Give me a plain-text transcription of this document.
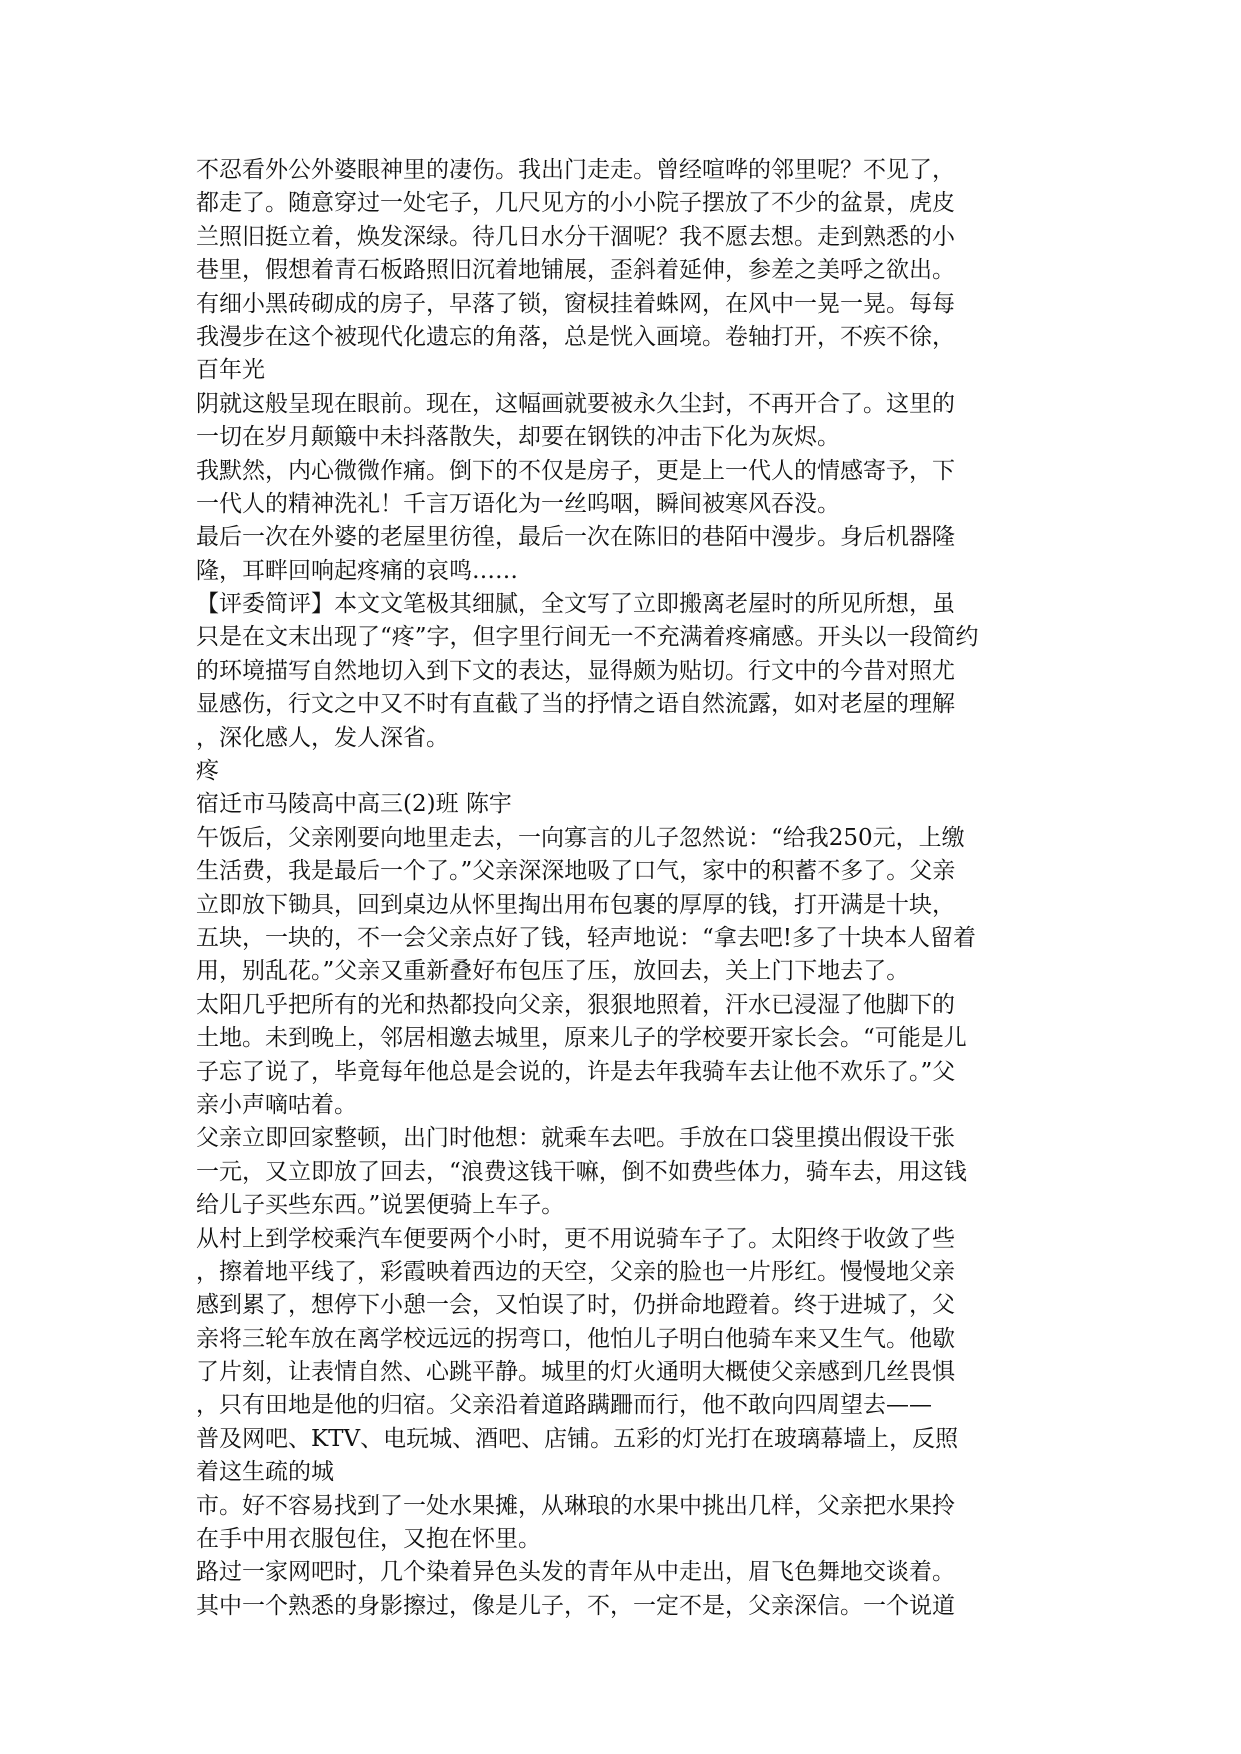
不忍看外公外婆眼神里的凄伤。我出门走走。曾经喧哗的邻里呢？不见了，
都走了。随意穿过一处宅子，几尺见方的小小院子摆放了不少的盆景，虎皮
兰照旧挺立着，焕发深绿。待几日水分干涸呢？我不愿去想。走到熟悉的小
巷里，假想着青石板路照旧沉着地铺展，歪斜着延伸，参差之美呼之欲出。
有细小黑砖砌成的房子，早落了锁，窗棂挂着蛛网，在风中一晃一晃。每每
我漫步在这个被现代化遗忘的角落，总是恍入画境。卷轴打开，不疾不徐，
百年光
阴就这般呈现在眼前。现在，这幅画就要被永久尘封，不再开合了。这里的
一切在岁月颠簸中未抖落散失，却要在钢铁的冲击下化为灰烬。
我默然，内心微微作痛。倒下的不仅是房子，更是上一代人的情感寄予，下
一代人的精神洗礼！千言万语化为一丝呜咽，瞬间被寒风吞没。
最后一次在外婆的老屋里彷徨，最后一次在陈旧的巷陌中漫步。身后机器隆
隆，耳畔回响起疼痛的哀鸣……
【评委简评】本文文笔极其细腻，全文写了立即搬离老屋时的所见所想，虽
只是在文末出现了“疼”字，但字里行间无一不充满着疼痛感。开头以一段简约
的环境描写自然地切入到下文的表达，显得颇为贴切。行文中的今昔对照尤
显感伤，行文之中又不时有直截了当的抒情之语自然流露，如对老屋的理解
，深化感人，发人深省。
疼
宿迁市马陵高中高三(2)班 陈宇
午饭后，父亲刚要向地里走去，一向寡言的儿子忽然说：“给我250元，上缴
生活费，我是最后一个了。”父亲深深地吸了口气，家中的积蓄不多了。父亲
立即放下锄具，回到桌边从怀里掏出用布包裹的厚厚的钱，打开满是十块，
五块，一块的，不一会父亲点好了钱，轻声地说：“拿去吧!多了十块本人留着
用，别乱花。”父亲又重新叠好布包压了压，放回去，关上门下地去了。
太阳几乎把所有的光和热都投向父亲，狠狠地照着，汗水已浸湿了他脚下的
土地。未到晚上，邻居相邀去城里，原来儿子的学校要开家长会。“可能是儿
子忘了说了，毕竟每年他总是会说的，许是去年我骑车去让他不欢乐了。”父
亲小声嘀咕着。
父亲立即回家整顿，出门时他想：就乘车去吧。手放在口袋里摸出假设干张
一元，又立即放了回去，“浪费这钱干嘛，倒不如费些体力，骑车去，用这钱
给儿子买些东西。”说罢便骑上车子。
从村上到学校乘汽车便要两个小时，更不用说骑车子了。太阳终于收敛了些
，擦着地平线了，彩霞映着西边的天空，父亲的脸也一片彤红。慢慢地父亲
感到累了，想停下小憩一会，又怕误了时，仍拼命地蹬着。终于进城了，父
亲将三轮车放在离学校远远的拐弯口，他怕儿子明白他骑车来又生气。他歇
了片刻，让表情自然、心跳平静。城里的灯火通明大概使父亲感到几丝畏惧
，只有田地是他的归宿。父亲沿着道路蹒跚而行，他不敢向四周望去——
普及网吧、KTV、电玩城、酒吧、店铺。五彩的灯光打在玻璃幕墙上，反照
着这生疏的城
市。好不容易找到了一处水果摊，从琳琅的水果中挑出几样，父亲把水果拎
在手中用衣服包住，又抱在怀里。
路过一家网吧时，几个染着异色头发的青年从中走出，眉飞色舞地交谈着。
其中一个熟悉的身影擦过，像是儿子，不，一定不是，父亲深信。一个说道
